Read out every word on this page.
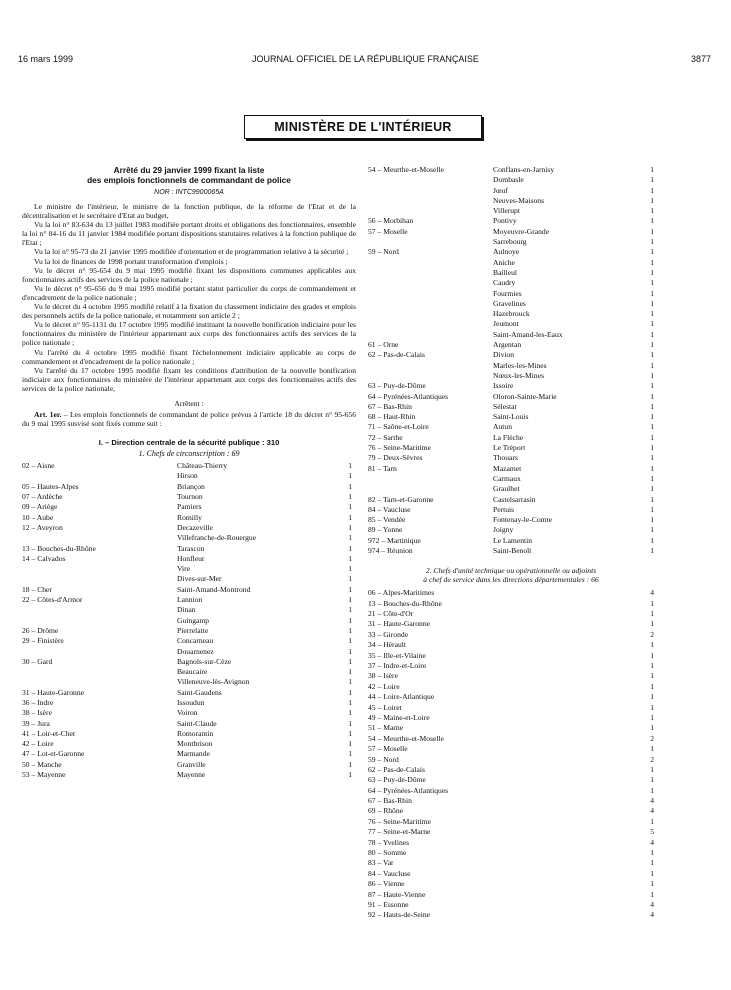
16 mars 1999	JOURNAL OFFICIEL DE LA RÉPUBLIQUE FRANÇAISE	3877
MINISTÈRE DE L'INTÉRIEUR
Arrêté du 29 janvier 1999 fixant la liste
des emplois fonctionnels de commandant de police
NOR : INTC9900065A

Le ministre de l'intérieur, le ministre de la fonction publique, de la réforme de l'Etat et de la décentralisation et le secrétaire d'Etat au budget,

Vu la loi n° 83-634 du 13 juillet 1983 modifiée portant droits et obligations des fonctionnaires, ensemble la loi n° 84-16 du 11 janvier 1984 modifiée portant dispositions statutaires relatives à la fonction publique de l'Etat ;

Vu la loi n° 95-73 du 21 janvier 1995 modifiée d'orientation et de programmation relative à la sécurité ;

Vu la loi de finances de 1998 portant transformation d'emplois ;

Vu le décret n° 95-654 du 9 mai 1995 modifié fixant les dispositions communes applicables aux fonctionnaires actifs des services de la police nationale ;

Vu le décret n° 95-656 du 9 mai 1995 modifié portant statut particulier du corps de commandement et d'encadrement de la police nationale ;

Vu le décret du 4 octobre 1995 modifié relatif à la fixation du classement indiciaire des grades et emplois des personnels actifs de la police nationale, et notamment son article 2 ;

Vu le décret n° 95-1131 du 17 octobre 1995 modifié instituant la nouvelle bonification indiciaire pour les fonctionnaires du ministère de l'intérieur appartenant aux corps des fonctionnaires actifs des services de la police nationale ;

Vu l'arrêté du 4 octobre 1995 modifié fixant l'échelonnement indiciaire applicable au corps de commandement et d'encadrement de la police nationale ;

Vu l'arrêté du 17 octobre 1995 modifié fixant les conditions d'attribution de la nouvelle bonification indiciaire aux fonctionnaires du ministère de l'intérieur appartenant aux corps des fonctionnaires actifs des services de la police nationale,

Arrêtent :

Art. 1er. – Les emplois fonctionnels de commandant de police prévus à l'article 18 du décret n° 95-656 du 9 mai 1995 susvisé sont fixés comme suit :

I. – Direction centrale de la sécurité publique : 310
1. Chefs de circonscription : 69
02 – Aisne	Château-Thierry	1
Hirson	1
05 – Hautes-Alpes	Briançon	1
07 – Ardèche	Tournon	1
09 – Ariège	Pamiers	1
10 – Aube	Romilly	1
12 – Aveyron	Decazeville	1
Villefranche-de-Rouergue	1
13 – Bouches-du-Rhône	Tarascon	1
14 – Calvados	Honfleur	1
Vire	1
Dives-sur-Mer	1
18 – Cher	Saint-Amand-Montrond	1
22 – Côtes-d'Armor	Lannion	1
Dinan	1
Guingamp	1
26 – Drôme	Pierrelatte	1
29 – Finistère	Concarneau	1
Douarnenez	1
30 – Gard	Bagnols-sur-Cèze	1
Beaucaire	1
Villeneuve-lès-Avignon	1
31 – Haute-Garonne	Saint-Gaudens	1
36 – Indre	Issoudun	1
38 – Isère	Voiron	1
39 – Jura	Saint-Claude	1
41 – Loir-et-Cher	Romorantin	1
42 – Loire	Montbrison	1
47 – Lot-et-Garonne	Marmande	1
50 – Manche	Granville	1
53 – Mayenne	Mayenne	1
54 – Meurthe-et-Moselle	Conflans-en-Jarnisy	1
Dombasle	1
Jœuf	1
Neuves-Maisons	1
Villerupt	1
56 – Morbihan	Pontivy	1
57 – Moselle	Moyeuvre-Grande	1
Sarrebourg	1
59 – Nord	Aulnoye	1
Aniche	1
Bailleul	1
Caudry	1
Fourmies	1
Gravelines	1
Hazebrouck	1
Jeumont	1
Saint-Amand-les-Eaux	1
61 – Orne	Argentan	1
62 – Pas-de-Calais	Divion	1
Marles-les-Mines	1
Nœux-les-Mines	1
63 – Puy-de-Dôme	Issoire	1
64 – Pyrénées-Atlantiques	Oloron-Sainte-Marie	1
67 – Bas-Rhin	Sélestat	1
68 – Haut-Rhin	Saint-Louis	1
71 – Saône-et-Loire	Autun	1
72 – Sarthe	La Flèche	1
76 – Seine-Maritime	Le Tréport	1
79 – Deux-Sèvres	Thouars	1
81 – Tarn	Mazamet	1
Carmaux	1
Graulhet	1
82 – Tarn-et-Garonne	Castelsarrasin	1
84 – Vaucluse	Pertuis	1
85 – Vendée	Fontenay-le-Comte	1
89 – Yonne	Joigny	1
972 – Martinique	Le Lamentin	1
974 – Réunion	Saint-Benoît	1
2. Chefs d'unité technique ou opérationnelle ou adjoints
à chef de service dans les directions départementales : 66
06 – Alpes-Maritimes	4
13 – Bouches-du-Rhône	1
21 – Côte-d'Or	1
31 – Haute-Garonne	1
33 – Gironde	2
34 – Hérault	1
35 – Ille-et-Vilaine	1
37 – Indre-et-Loire	1
38 – Isère	1
42 – Loire	1
44 – Loire-Atlantique	1
45 – Loiret	1
49 – Maine-et-Loire	1
51 – Marne	1
54 – Meurthe-et-Moselle	2
57 – Moselle	1
59 – Nord	2
62 – Pas-de-Calais	1
63 – Puy-de-Dôme	1
64 – Pyrénées-Atlantiques	1
67 – Bas-Rhin	4
69 – Rhône	4
76 – Seine-Maritime	1
77 – Seine-et-Marne	5
78 – Yvelines	4
80 – Somme	1
83 – Var	1
84 – Vaucluse	1
86 – Vienne	1
87 – Haute-Vienne	1
91 – Essonne	4
92 – Hauts-de-Seine	4
